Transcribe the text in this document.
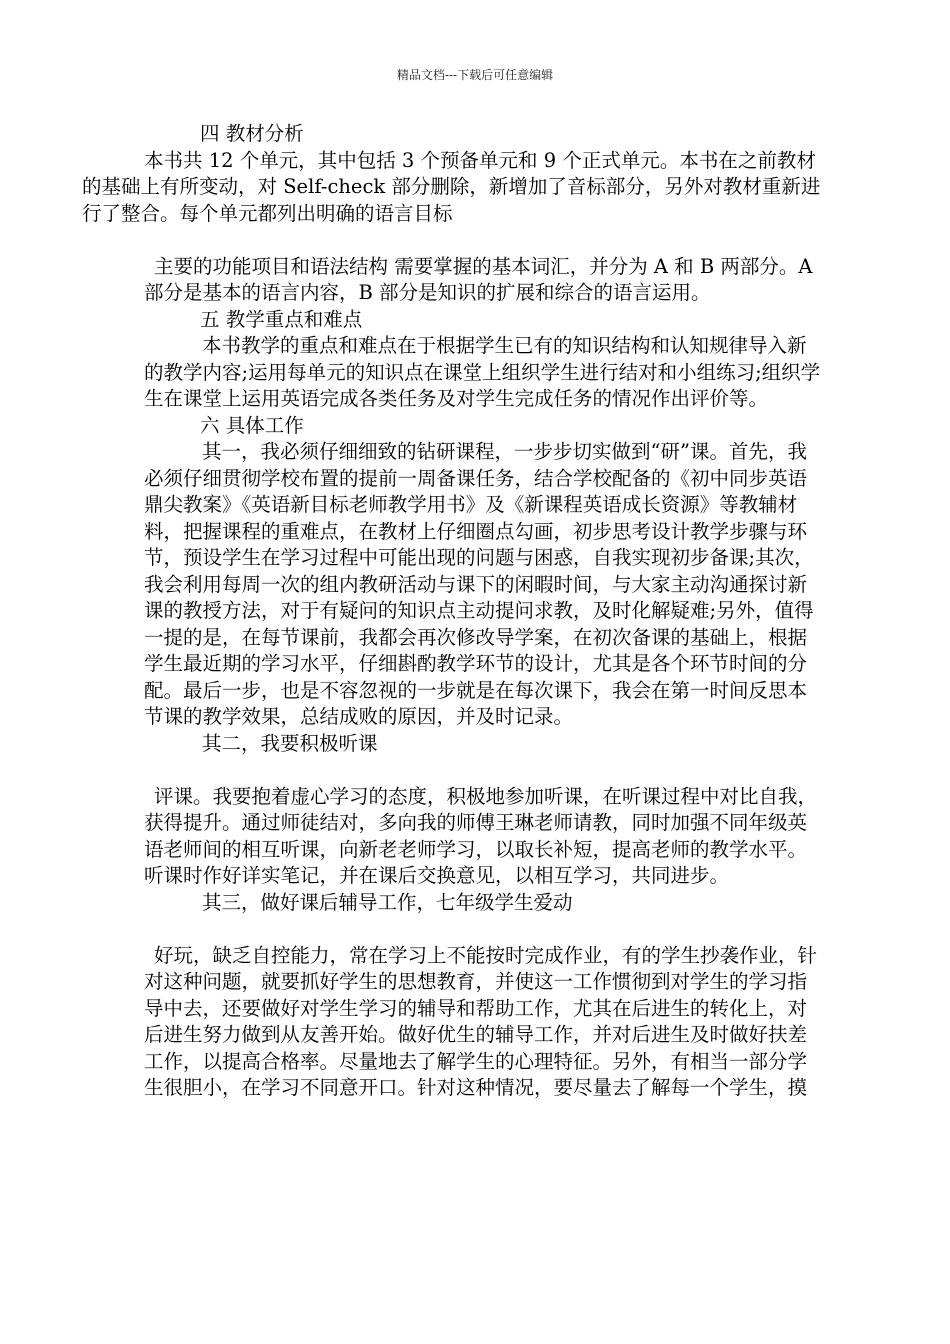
精品文档---下载后可任意编辑

四 教材分析

本书共 12 个单元，其中包括 3 个预备单元和 9 个正式单元。本书在之前教材的基础上有所变动，对 Self-check 部分删除，新增加了音标部分，另外对教材重新进行了整合。每个单元都列出明确的语言目标

主要的功能项目和语法结构 需要掌握的基本词汇，并分为 A 和 B 两部分。A 部分是基本的语言内容，B 部分是知识的扩展和综合的语言运用。

五 教学重点和难点

本书教学的重点和难点在于根据学生已有的知识结构和认知规律导入新的教学内容;运用每单元的知识点在课堂上组织学生进行结对和小组练习;组织学生在课堂上运用英语完成各类任务及对学生完成任务的情况作出评价等。

六 具体工作

其一，我必须仔细细致的钻研课程，一步步切实做到“研”课。首先，我必须仔细贯彻学校布置的提前一周备课任务，结合学校配备的《初中同步英语鼎尖教案》《英语新目标老师教学用书》及《新课程英语成长资源》等教辅材料，把握课程的重难点，在教材上仔细圈点勾画，初步思考设计教学步骤与环节，预设学生在学习过程中可能出现的问题与困惑，自我实现初步备课;其次，我会利用每周一次的组内教研活动与课下的闲暇时间，与大家主动沟通探讨新课的教授方法，对于有疑问的知识点主动提问求教，及时化解疑难;另外，值得一提的是，在每节课前，我都会再次修改导学案，在初次备课的基础上，根据学生最近期的学习水平，仔细斟酌教学环节的设计，尤其是各个环节时间的分配。最后一步，也是不容忽视的一步就是在每次课下，我会在第一时间反思本节课的教学效果，总结成败的原因，并及时记录。

其二，我要积极听课

评课。我要抱着虚心学习的态度，积极地参加听课，在听课过程中对比自我，获得提升。通过师徒结对，多向我的师傅王琳老师请教，同时加强不同年级英语老师间的相互听课，向新老老师学习，以取长补短，提高老师的教学水平。听课时作好详实笔记，并在课后交换意见，以相互学习，共同进步。

其三，做好课后辅导工作，七年级学生爱动

好玩，缺乏自控能力，常在学习上不能按时完成作业，有的学生抄袭作业，针对这种问题，就要抓好学生的思想教育，并使这一工作惯彻到对学生的学习指导中去，还要做好对学生学习的辅导和帮助工作，尤其在后进生的转化上，对后进生努力做到从友善开始。做好优生的辅导工作，并对后进生及时做好扶差工作，以提高合格率。尽量地去了解学生的心理特征。另外，有相当一部分学生很胆小，在学习不同意开口。针对这种情况，要尽量去了解每一个学生，摸
